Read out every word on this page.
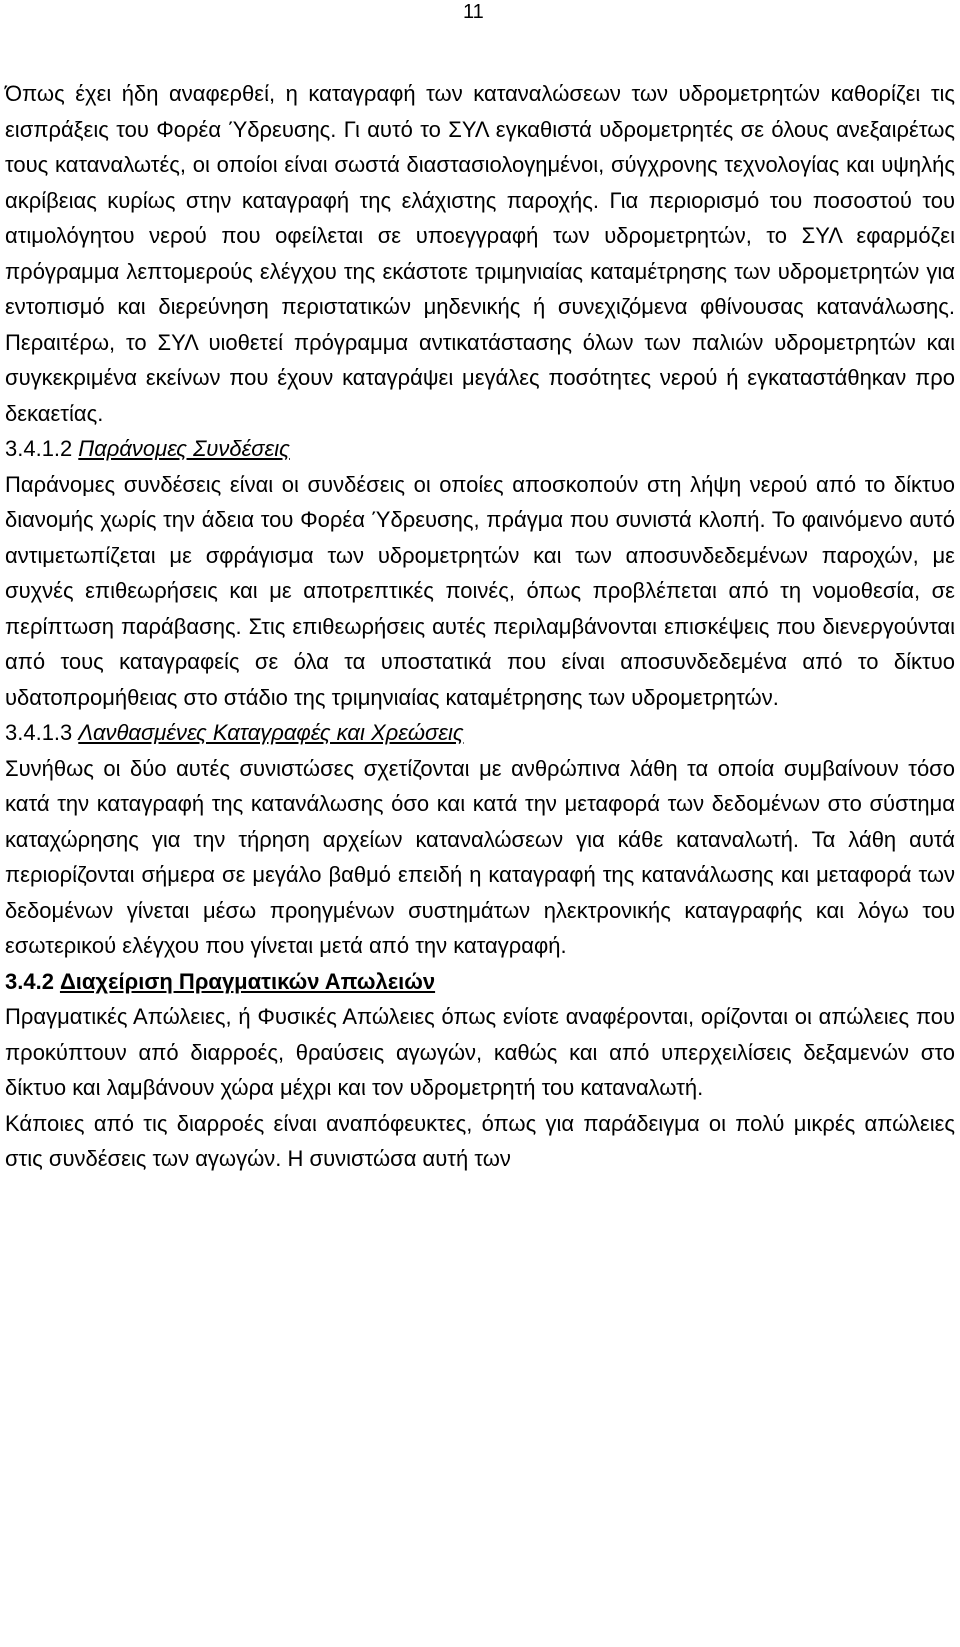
11

Όπως έχει ήδη αναφερθεί, η καταγραφή των καταναλώσεων των υδρομετρητών καθορίζει τις εισπράξεις του Φορέα Ύδρευσης. Γι αυτό το ΣΥΛ εγκαθιστά υδρομετρητές σε όλους ανεξαιρέτως τους καταναλωτές, οι οποίοι είναι σωστά διαστασιολογημένοι, σύγχρονης τεχνολογίας και υψηλής ακρίβειας κυρίως στην καταγραφή της ελάχιστης παροχής. Για περιορισμό του ποσοστού του ατιμολόγητου νερού που οφείλεται σε υποεγγραφή των υδρομετρητών, το ΣΥΛ εφαρμόζει πρόγραμμα λεπτομερούς ελέγχου της εκάστοτε τριμηνιαίας καταμέτρησης των υδρομετρητών για εντοπισμό και διερεύνηση περιστατικών μηδενικής ή συνεχιζόμενα φθίνουσας κατανάλωσης. Περαιτέρω, το ΣΥΛ υιοθετεί πρόγραμμα αντικατάστασης όλων των παλιών υδρομετρητών και συγκεκριμένα εκείνων που έχουν καταγράψει μεγάλες ποσότητες νερού ή εγκαταστάθηκαν προ δεκαετίας.

3.4.1.2 Παράνομες Συνδέσεις

Παράνομες συνδέσεις είναι οι συνδέσεις οι οποίες αποσκοπούν στη λήψη νερού από το δίκτυο διανομής χωρίς την άδεια του Φορέα Ύδρευσης, πράγμα που συνιστά κλοπή. Το φαινόμενο αυτό αντιμετωπίζεται με σφράγισμα των υδρομετρητών και των αποσυνδεδεμένων παροχών, με συχνές επιθεωρήσεις και με αποτρεπτικές ποινές, όπως προβλέπεται από τη νομοθεσία, σε περίπτωση παράβασης. Στις επιθεωρήσεις αυτές περιλαμβάνονται επισκέψεις που διενεργούνται από τους καταγραφείς σε όλα τα υποστατικά που είναι αποσυνδεδεμένα από το δίκτυο υδατοπρομήθειας στο στάδιο της τριμηνιαίας καταμέτρησης των υδρομετρητών.

3.4.1.3 Λανθασμένες Καταγραφές και Χρεώσεις

Συνήθως οι δύο αυτές συνιστώσες σχετίζονται με ανθρώπινα λάθη τα οποία συμβαίνουν τόσο κατά την καταγραφή της κατανάλωσης όσο και κατά την μεταφορά των δεδομένων στο σύστημα καταχώρησης για την τήρηση αρχείων καταναλώσεων για κάθε καταναλωτή. Τα λάθη αυτά περιορίζονται σήμερα σε μεγάλο βαθμό επειδή η καταγραφή της κατανάλωσης και μεταφορά των δεδομένων γίνεται μέσω προηγμένων συστημάτων ηλεκτρονικής καταγραφής και λόγω του εσωτερικού ελέγχου που γίνεται μετά από την καταγραφή.

3.4.2 Διαχείριση Πραγματικών Απωλειών

Πραγματικές Απώλειες, ή Φυσικές Απώλειες όπως ενίοτε αναφέρονται, ορίζονται οι απώλειες που προκύπτουν από διαρροές, θραύσεις αγωγών, καθώς και από υπερχειλίσεις δεξαμενών στο δίκτυο και λαμβάνουν χώρα μέχρι και τον υδρομετρητή του καταναλωτή.

Κάποιες από τις διαρροές είναι αναπόφευκτες, όπως για παράδειγμα οι πολύ μικρές απώλειες στις συνδέσεις των αγωγών. Η συνιστώσα αυτή των
